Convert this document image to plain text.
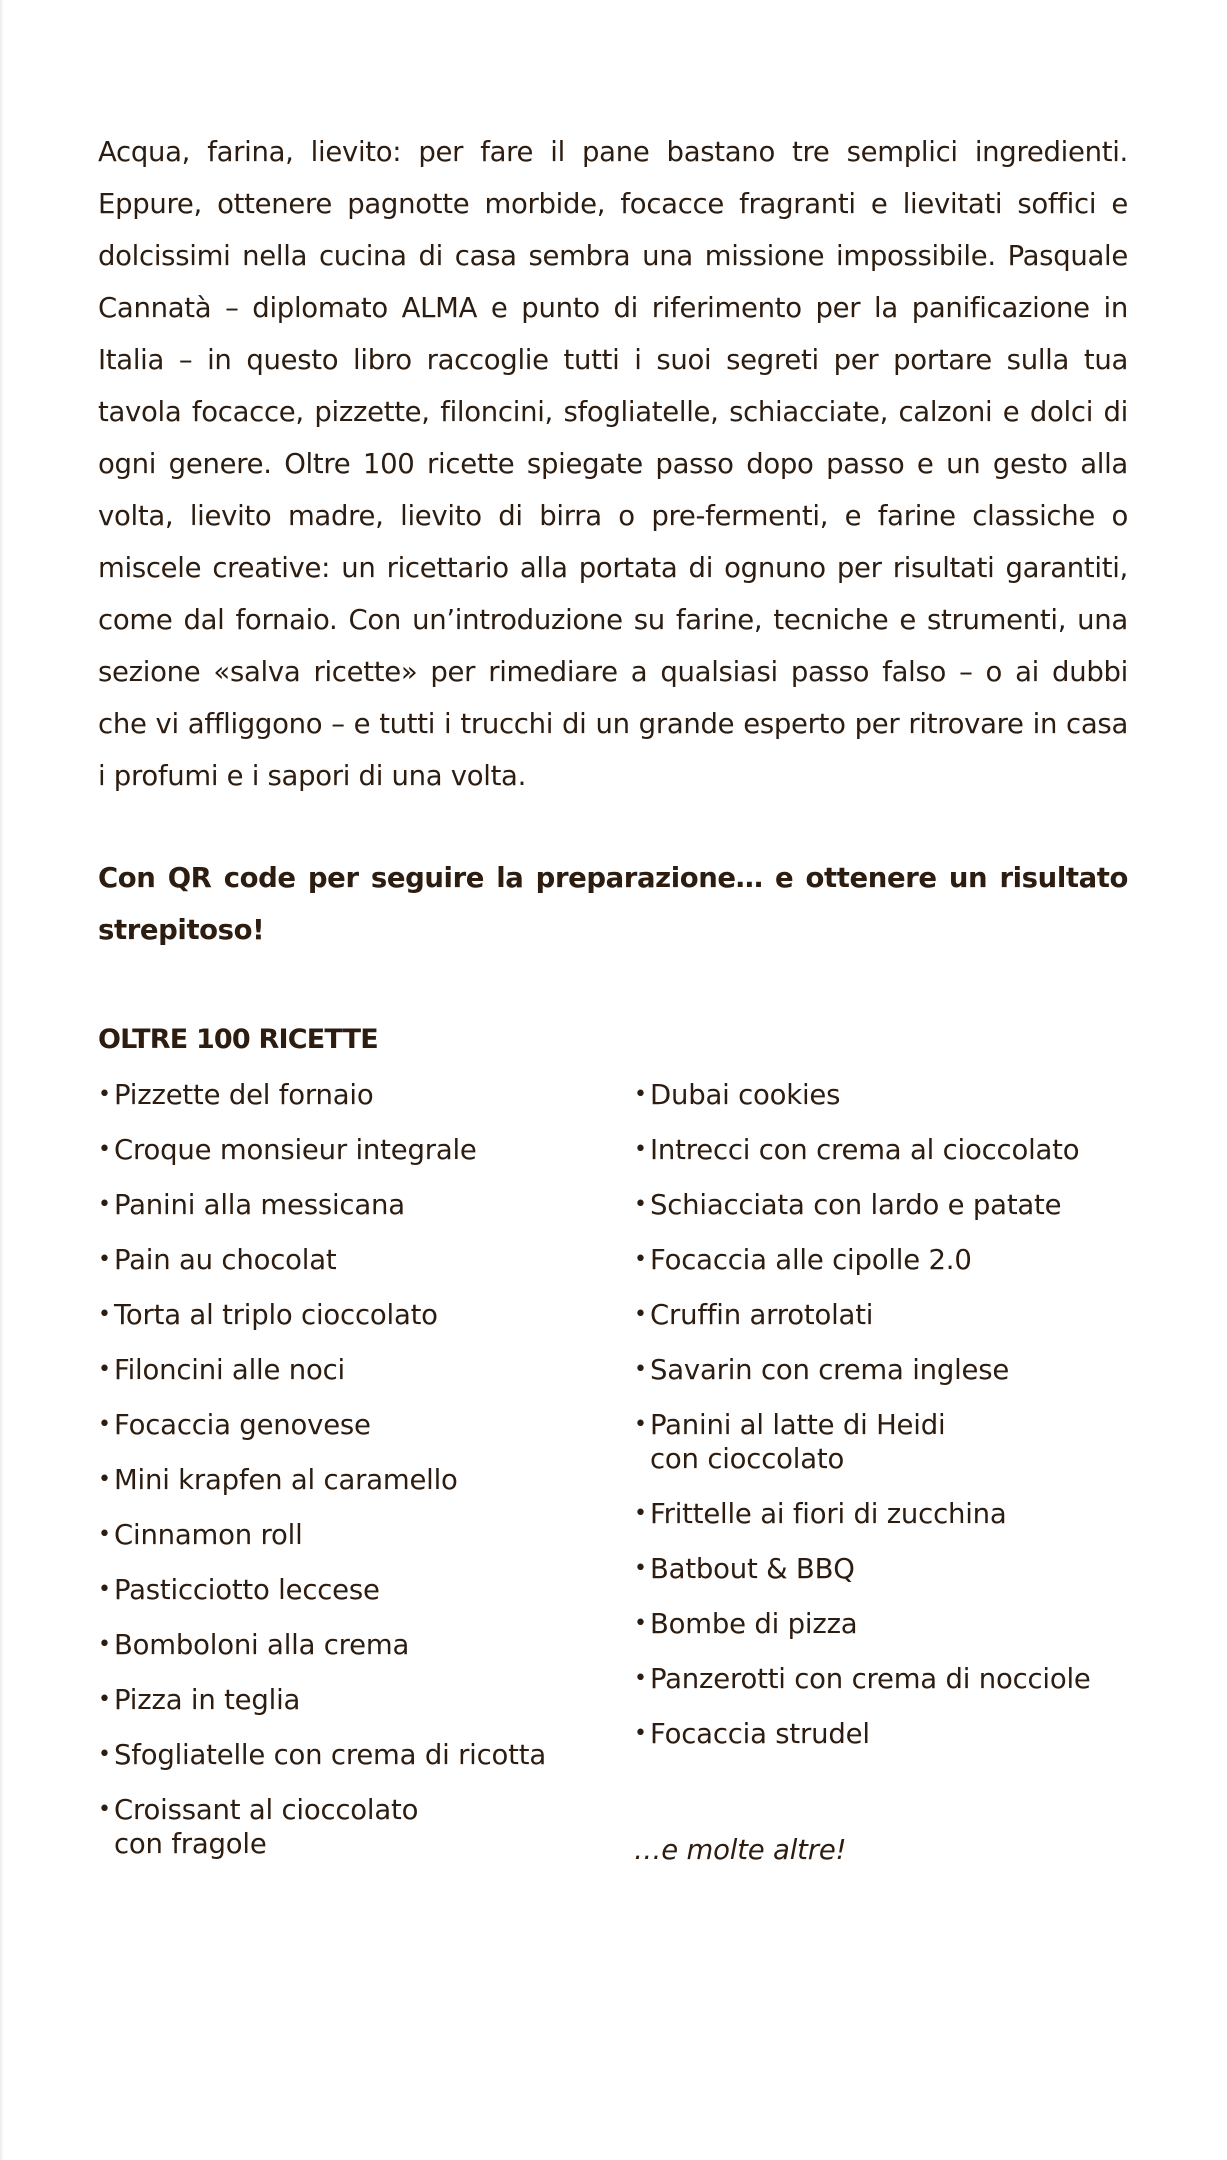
Acqua, farina, lievito: per fare il pane bastano tre semplici ingredienti. Eppure, ottenere pagnotte morbide, focacce fragranti e lievitati soffici e dolcissimi nella cucina di casa sembra una missione impossibile. Pasquale Cannatà – diplomato ALMA e punto di riferimento per la panificazione in Italia – in questo libro raccoglie tutti i suoi segreti per portare sulla tua tavola focacce, pizzette, filoncini, sfogliatelle, schiacciate, calzoni e dolci di ogni genere. Oltre 100 ricette spiegate passo dopo passo e un gesto alla volta, lievito madre, lievito di birra o pre-fermenti, e farine classiche o miscele creative: un ricettario alla portata di ognuno per risultati garantiti, come dal fornaio. Con un’introduzione su farine, tecniche e strumenti, una sezione «salva ricette» per rimediare a qualsiasi passo falso – o ai dubbi che vi affliggono – e tutti i trucchi di un grande esperto per ritrovare in casa i profumi e i sapori di una volta.

Con QR code per seguire la preparazione… e ottenere un risultato strepitoso!

OLTRE 100 RICETTE
• Pizzette del fornaio
• Croque monsieur integrale
• Panini alla messicana
• Pain au chocolat
• Torta al triplo cioccolato
• Filoncini alle noci
• Focaccia genovese
• Mini krapfen al caramello
• Cinnamon roll
• Pasticciotto leccese
• Bomboloni alla crema
• Pizza in teglia
• Sfogliatelle con crema di ricotta
• Croissant al cioccolato
con fragole
• Dubai cookies
• Intrecci con crema al cioccolato
• Schiacciata con lardo e patate
• Focaccia alle cipolle 2.0
• Cruffin arrotolati
• Savarin con crema inglese
• Panini al latte di Heidi
con cioccolato
• Frittelle ai fiori di zucchina
• Batbout & BBQ
• Bombe di pizza
• Panzerotti con crema di nocciole
• Focaccia strudel

…e molte altre!
